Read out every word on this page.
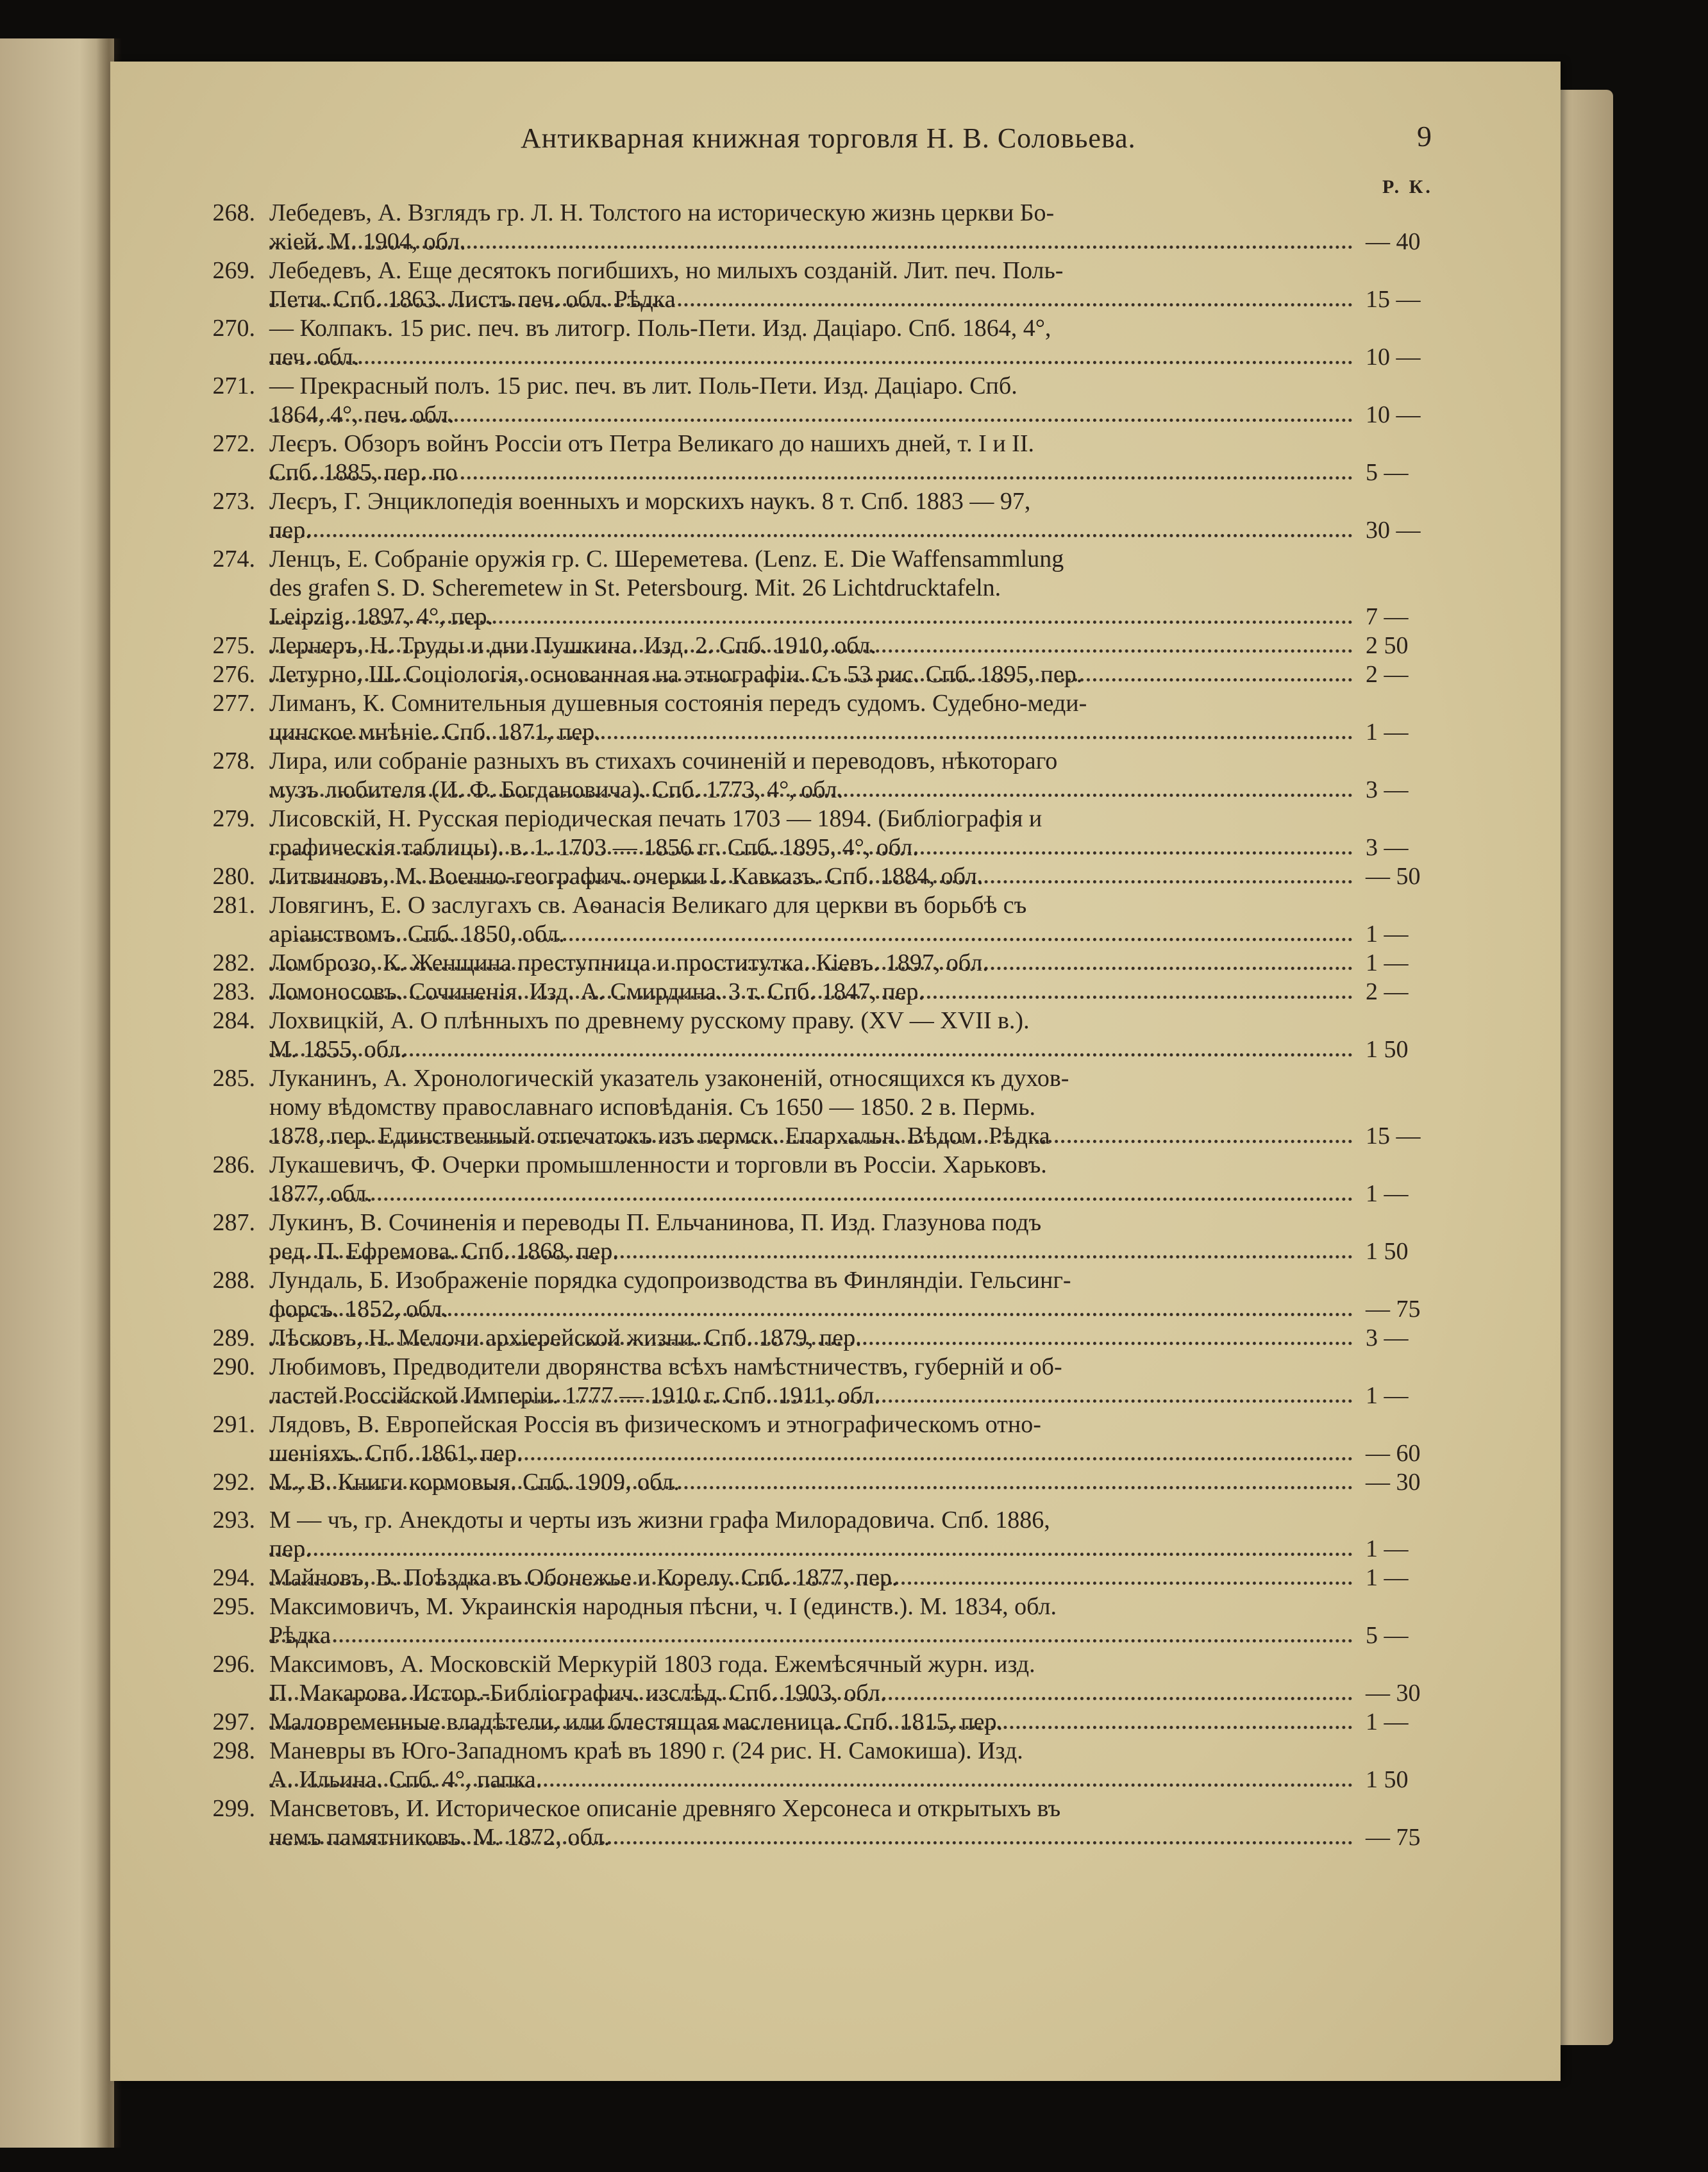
Антикварная книжная торговля Н. В. Соловьева.	9
Р. К.
268. Лебедевъ, А. Взглядъ гр. Л. Н. Толстого на историческую жизнь церкви Бо-
жіей. М. 1904, обл.	— 40
269. Лебедевъ, А. Еще десятокъ погибшихъ, но милыхъ созданій. Лит. печ. Поль-
Пети. Спб. 1863. Листъ печ. обл. Рѣдка	15 —
270. — Колпакъ. 15 рис. печ. въ литогр. Поль-Пети. Изд. Даціаро. Спб. 1864, 4°,
печ. обл.	10 —
271. — Прекрасный полъ. 15 рис. печ. въ лит. Поль-Пети. Изд. Даціаро. Спб.
1864, 4°, печ. обл.	10 —
272. Леєръ. Обзоръ войнъ Россіи отъ Петра Великаго до нашихъ дней, т. I и II.
Спб. 1885, пер. по	5 —
273. Леєръ, Г. Энциклопедія военныхъ и морскихъ наукъ. 8 т. Спб. 1883 — 97,
пер.	30 —
274. Ленцъ, Е. Собраніе оружія гр. С. Шереметева. (Lenz. E. Die Waffensammlung
des grafen S. D. Scheremetew in St. Petersbourg. Mit. 26 Lichtdrucktafeln.
Leipzig. 1897, 4°, пер.	7 —
275. Лернеръ, Н. Труды и дни Пушкина. Изд. 2. Спб. 1910, обл.	2 50
276. Летурно, Ш. Соціологія, основанная на этнографіи. Съ 53 рис. Спб. 1895, пер.	2 —
277. Лиманъ, К. Сомнительныя душевныя состоянія передъ судомъ. Судебно-меди-
цинское мнѣніе. Спб. 1871, пер.	1 —
278. Лира, или собраніе разныхъ въ стихахъ сочиненій и переводовъ, нѣкотораго
музъ любителя (И. Ф. Богдановича). Спб. 1773, 4°, обл.	3 —
279. Лисовскій, Н. Русская періодическая печать 1703 — 1894. (Библіографія и
графическія таблицы). в. 1. 1703 — 1856 гг. Спб. 1895, 4°, обл.	3 —
280. Литвиновъ, М. Военно-географич. очерки I. Кавказъ. Спб. 1884, обл.	— 50
281. Ловягинъ, Е. О заслугахъ св. Аѳанасія Великаго для церкви въ борьбѣ съ
аріанствомъ. Спб. 1850, обл.	1 —
282. Ломброзо, К. Женщина преступница и проститутка. Кіевъ. 1897, обл.	1 —
283. Ломоносовъ. Сочиненія. Изд. А. Смирдина. 3 т. Спб. 1847, пер.	2 —
284. Лохвицкій, А. О плѣнныхъ по древнему русскому праву. (XV — XVII в.).
М. 1855, обл.	1 50
285. Луканинъ, А. Хронологическій указатель узаконеній, относящихся къ духов-
ному вѣдомству православнаго исповѣданія. Съ 1650 — 1850. 2 в. Пермь.
1878, пер. Единственный отпечатокъ изъ пермск. Епархальн. Вѣдом. Рѣдка	15 —
286. Лукашевичъ, Ф. Очерки промышленности и торговли въ Россіи. Харьковъ.
1877, обл.	1 —
287. Лукинъ, В. Сочиненія и переводы П. Ельчанинова, П. Изд. Глазунова подъ
ред. П. Ефремова. Спб. 1868, пер.	1 50
288. Лундаль, Б. Изображеніе порядка судопроизводства въ Финляндіи. Гельсинг-
форсъ. 1852, обл.	— 75
289. Лѣсковъ, Н. Мелочи архіерейской жизни. Спб. 1879, пер.	3 —
290. Любимовъ, Предводители дворянства всѣхъ намѣстничествъ, губерній и об-
ластей Россійской Имперіи. 1777 — 1910 г. Спб. 1911, обл.	1 —
291. Лядовъ, В. Европейская Россія въ физическомъ и этнографическомъ отно-
шеніяхъ. Спб. 1861, пер.	— 60
292. М., В. Книги кормовыя. Спб. 1909, обл.	— 30
293. М — чъ, гр. Анекдоты и черты изъ жизни графа Милорадовича. Спб. 1886,
пер.	1 —
294. Майновъ, В. Поѣздка въ Обонежье и Корелу. Спб. 1877, пер.	1 —
295. Максимовичъ, М. Украинскія народныя пѣсни, ч. I (единств.). М. 1834, обл.
Рѣдка	5 —
296. Максимовъ, А. Московскій Меркурій 1803 года. Ежемѣсячный журн. изд.
П. Макарова. Истор.-Библіографич. изслѣд. Спб. 1903, обл.	— 30
297. Маловременные владѣтели, или блестящая масленица. Спб. 1815, пер.	1 —
298. Маневры въ Юго-Западномъ краѣ въ 1890 г. (24 рис. Н. Самокиша). Изд.
А. Ильина. Спб. 4°, папка.	1 50
299. Мансветовъ, И. Историческое описаніе древняго Херсонеса и открытыхъ въ
немъ памятниковъ. М. 1872, обл.	— 75
